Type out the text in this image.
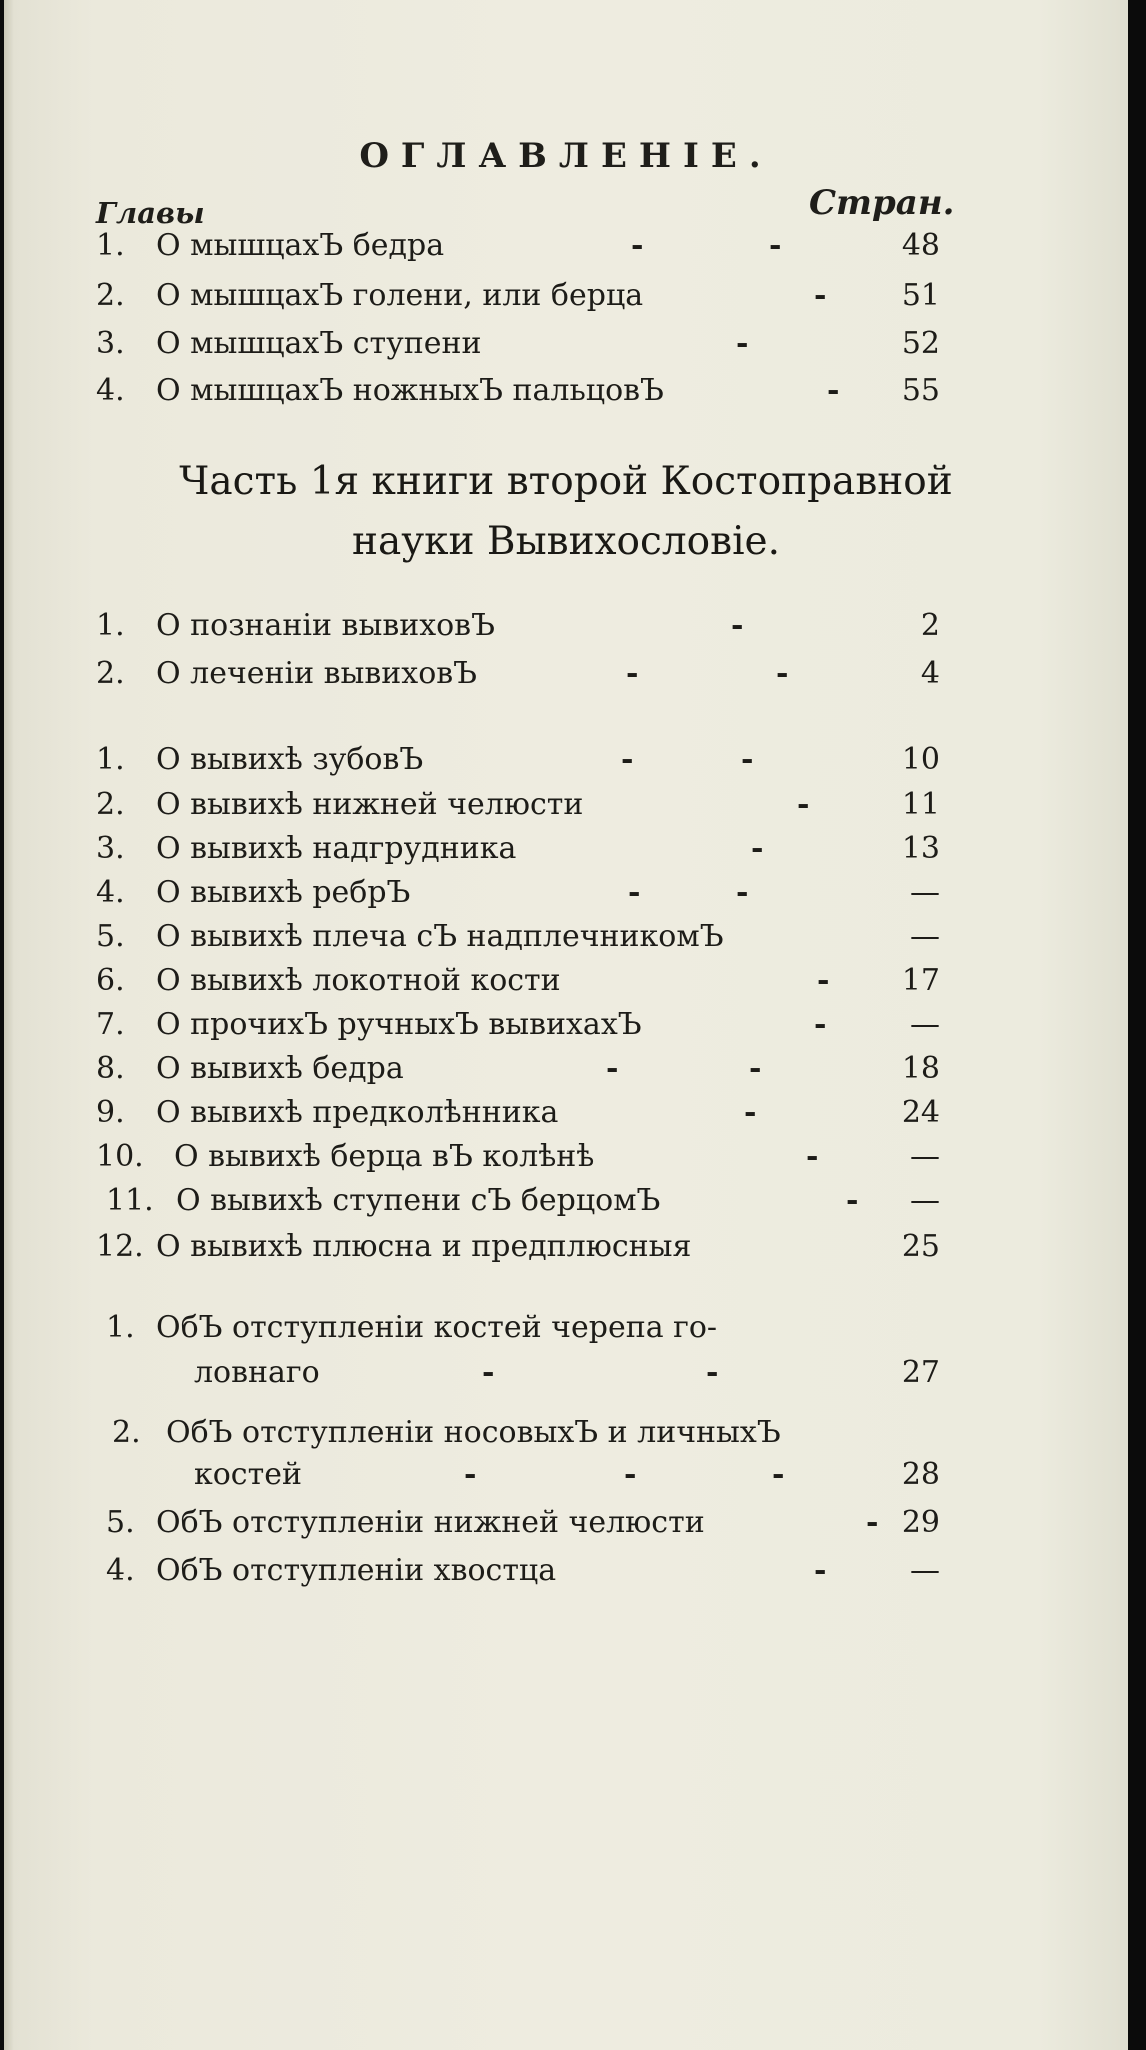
ОГЛАВЛЕНІЕ.
Главы	Стран.
1. О мышцахЪ бедра	-	-	48
2. О мышцахЪ голени, или берца	-	51
3. О мышцахЪ ступени	-	52
4. О мышцахЪ ножныхЪ пальцовЪ	-	55
Часть 1я книги второй Костоправной
науки Вывихословіе.
1. О познаніи вывиховЪ	-	2
2. О леченіи вывиховЪ	-	-	4
1. О вывихѣ зубовЪ	-	-	10
2. О вывихѣ нижней челюсти	-	11
3. О вывихѣ надгрудника	-	13
4. О вывихѣ ребрЪ	-	-	—
5. О вывихѣ плеча сЪ надплечникомЪ	—
6. О вывихѣ локотной кости	-	17
7. О прочихЪ ручныхЪ вывихахЪ	-	—
8. О вывихѣ бедра	-	-	18
9. О вывихѣ предколѣнника	-	24
10. О вывихѣ берца вЪ колѣнѣ	-	—
11. О вывихѣ ступени сЪ берцомЪ	-	—
12. О вывихѣ плюсна и предплюсныя	25
1. ОбЪ отступленіи костей черепа го-
ловнаго	-	-	27
2. ОбЪ отступленіи носовыхЪ и личныхЪ
костей	-	-	-	28
5. ОбЪ отступленіи нижней челюсти	- 29
4. ОбЪ отступленіи хвостца	-	—
